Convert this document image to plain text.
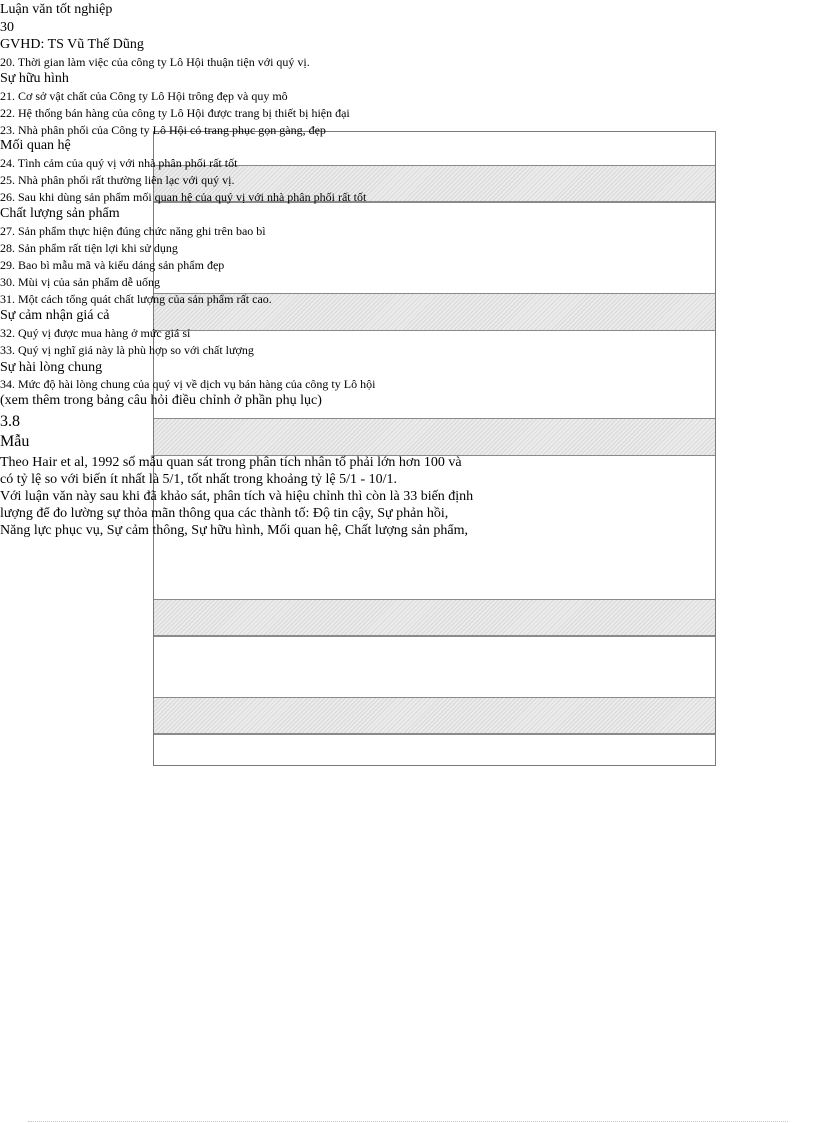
Luận văn tốt nghiệp
30
GVHD: TS Vũ Thế Dũng
20. Thời gian làm việc của công ty Lô Hội thuận tiện với quý vị.
Sự hữu hình
21. Cơ sở vật chất của Công ty Lô Hội trông đẹp và quy mô
22. Hệ thống bán hàng của công ty Lô Hội được trang bị thiết bị hiện đại
23. Nhà phân phối của Công ty Lô Hội có trang phục gọn gàng, đẹp
Mối quan hệ
24. Tình cảm của quý vị với nhà phân phối rất tốt
25. Nhà phân phối rất thường liên lạc với quý vị.
26. Sau khi dùng sản phẩm mối quan hệ của quý vị với nhà phân phối rất tốt
Chất lượng sản phẩm
27. Sản phẩm thực hiện đúng chức năng ghi trên bao bì
28. Sản phẩm rất tiện lợi khi sử dụng
29. Bao bì mẫu mã và kiểu dáng sản phẩm đẹp
30. Mùi vị của sản phẩm dễ uống
31. Một cách tổng quát chất lượng của sản phẩm rất cao.
Sự cảm nhận giá cả
32. Quý vị được mua hàng ở mức giá sỉ
33. Quý vị nghĩ giá này là phù hợp so với chất lượng
Sự hài lòng chung
34. Mức độ hài lòng chung của quý vị về dịch vụ bán hàng của công ty Lô hội
(xem thêm trong bảng câu hỏi điều chỉnh ở phần phụ lục)
3.8
Mẫu
Theo Hair et al, 1992 số mẫu quan sát trong phân tích nhân tố phải lớn hơn 100 và
có tỷ lệ so với biến ít nhất là 5/1, tốt nhất trong khoảng tỷ lệ 5/1 - 10/1.
Với luận văn này sau khi đã khảo sát, phân tích và hiệu chỉnh thì còn là 33 biến định
lượng để đo lường sự thỏa mãn thông qua các thành tố: Độ tin cậy, Sự phản hồi,
Năng lực phục vụ, Sự cảm thông, Sự hữu hình, Mối quan hệ, Chất lượng sản phẩm,
